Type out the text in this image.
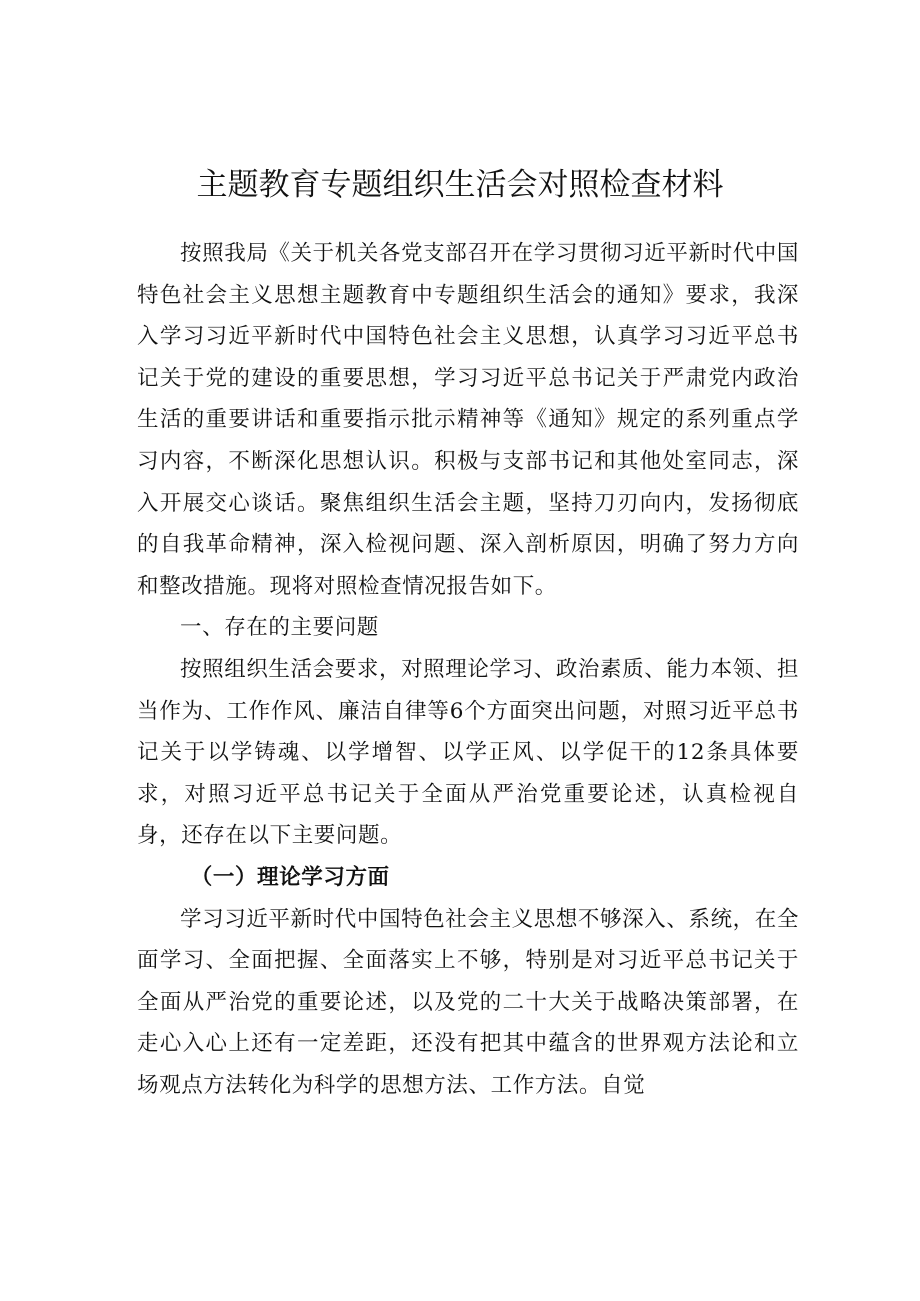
主题教育专题组织生活会对照检查材料

按照我局《关于机关各党支部召开在学习贯彻习近平新时代中国特色社会主义思想主题教育中专题组织生活会的通知》要求，我深入学习习近平新时代中国特色社会主义思想，认真学习习近平总书记关于党的建设的重要思想，学习习近平总书记关于严肃党内政治生活的重要讲话和重要指示批示精神等《通知》规定的系列重点学习内容，不断深化思想认识。积极与支部书记和其他处室同志，深入开展交心谈话。聚焦组织生活会主题，坚持刀刃向内，发扬彻底的自我革命精神，深入检视问题、深入剖析原因，明确了努力方向和整改措施。现将对照检查情况报告如下。

一、存在的主要问题

按照组织生活会要求，对照理论学习、政治素质、能力本领、担当作为、工作作风、廉洁自律等6个方面突出问题，对照习近平总书记关于以学铸魂、以学增智、以学正风、以学促干的12条具体要求，对照习近平总书记关于全面从严治党重要论述，认真检视自身，还存在以下主要问题。

（一）理论学习方面

学习习近平新时代中国特色社会主义思想不够深入、系统，在全面学习、全面把握、全面落实上不够，特别是对习近平总书记关于全面从严治党的重要论述，以及党的二十大关于战略决策部署，在走心入心上还有一定差距，还没有把其中蕴含的世界观方法论和立场观点方法转化为科学的思想方法、工作方法。自觉
